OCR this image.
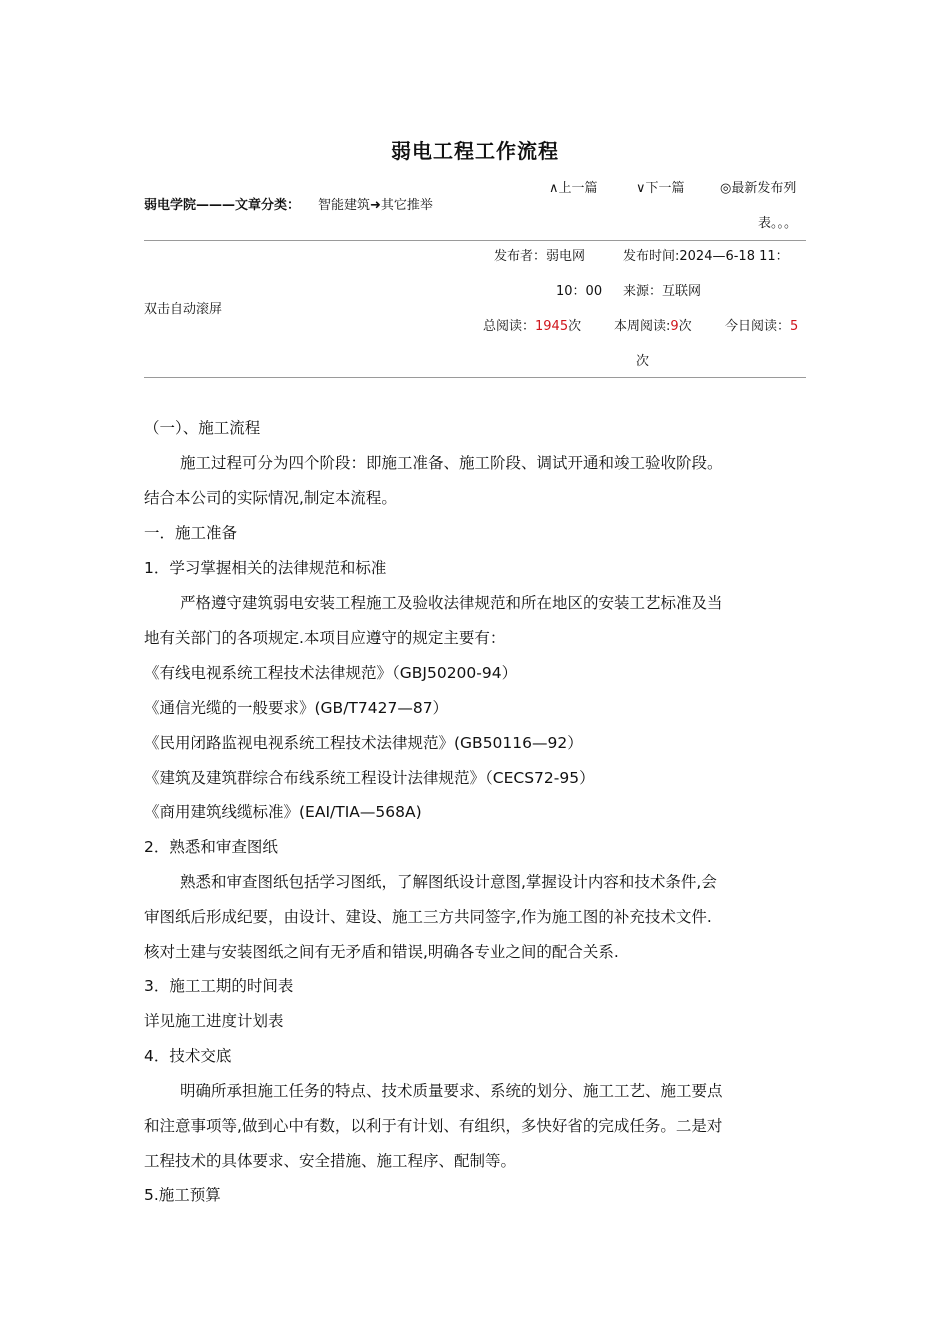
弱电工程工作流程
∧上一篇	∨下一篇	◎最新发布列
表。。。
弱电学院———文章分类： 智能建筑➜其它推举
发布者：弱电网	发布时间:2024—6-18 11：
10：00 来源：互联网
双击自动滚屏
总阅读：1945次	本周阅读:9次	今日阅读：5
次
（一）、施工流程
施工过程可分为四个阶段：即施工准备、施工阶段、调试开通和竣工验收阶段。
结合本公司的实际情况,制定本流程。
一．施工准备
1．学习掌握相关的法律规范和标准
严格遵守建筑弱电安装工程施工及验收法律规范和所在地区的安装工艺标准及当
地有关部门的各项规定.本项目应遵守的规定主要有：
《有线电视系统工程技术法律规范》（GBJ50200-94）
《通信光缆的一般要求》(GB/T7427—87）
《民用闭路监视电视系统工程技术法律规范》(GB50116—92）
《建筑及建筑群综合布线系统工程设计法律规范》（CECS72-95）
《商用建筑线缆标准》(EAI/TIA—568A)
2．熟悉和审查图纸
熟悉和审查图纸包括学习图纸，了解图纸设计意图,掌握设计内容和技术条件,会
审图纸后形成纪要，由设计、建设、施工三方共同签字,作为施工图的补充技术文件.
核对土建与安装图纸之间有无矛盾和错误,明确各专业之间的配合关系.
3．施工工期的时间表
详见施工进度计划表
4．技术交底
明确所承担施工任务的特点、技术质量要求、系统的划分、施工工艺、施工要点
和注意事项等,做到心中有数，以利于有计划、有组织，多快好省的完成任务。二是对
工程技术的具体要求、安全措施、施工程序、配制等。
5.施工预算
